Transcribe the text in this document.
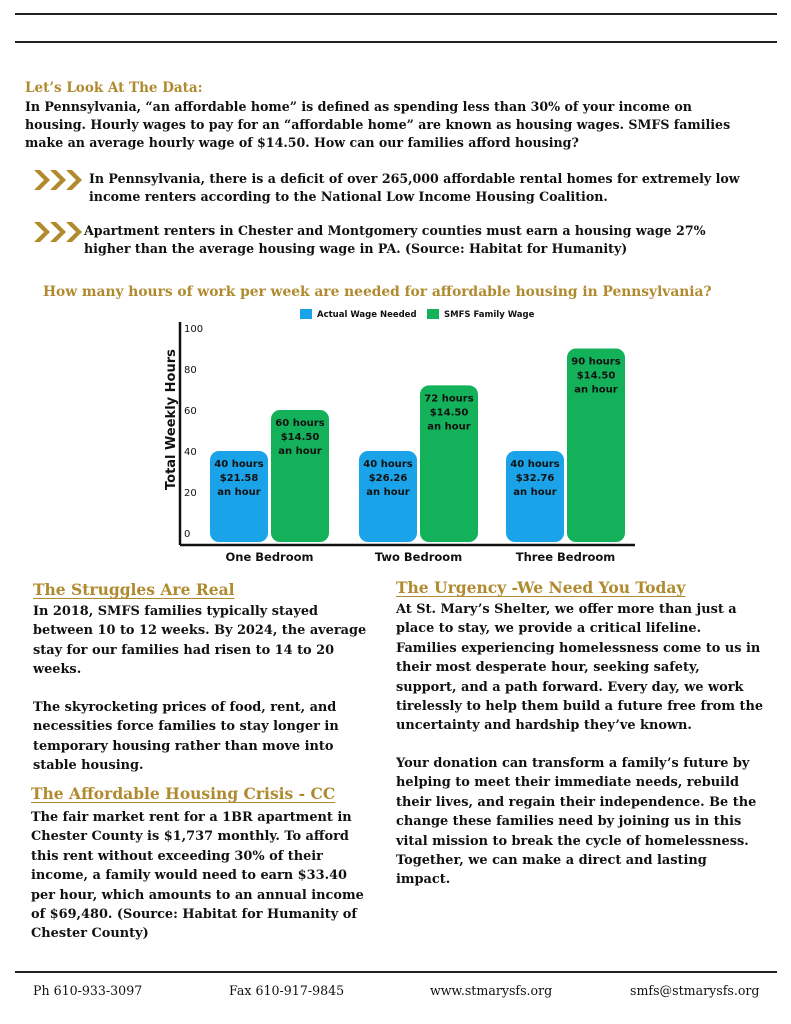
Let’s Look At The Data:
In Pennsylvania, “an affordable home” is defined as spending less than 30% of your income on housing. Hourly wages to pay for an “affordable home” are known as housing wages. SMFS families make an average hourly wage of $14.50. How can our families afford housing?
In Pennsylvania, there is a deficit of over 265,000 affordable rental homes for extremely low income renters according to the National Low Income Housing Coalition.
Apartment renters in Chester and Montgomery counties must earn a housing wage 27% higher than the average housing wage in PA. (Source: Habitat for Humanity)
How many hours of work per week are needed for affordable housing in Pennsylvania?
0
20
40
60
80
100
Total Weekly Hours
Actual Wage Needed	SMFS Family Wage
40 hours
$21.58
an hour
60 hours
$14.50
an hour
One Bedroom
40 hours
$26.26
an hour
72 hours
$14.50
an hour
Two Bedroom
40 hours
$32.76
an hour
90 hours
$14.50
an hour
Three Bedroom
The Struggles Are Real
In 2018, SMFS families typically stayed between 10 to 12 weeks. By 2024, the average stay for our families had risen to 14 to 20 weeks.
The skyrocketing prices of food, rent, and necessities force families to stay longer in temporary housing rather than move into stable housing.
The Affordable Housing Crisis - CC
The fair market rent for a 1BR apartment in Chester County is $1,737 monthly. To afford this rent without exceeding 30% of their income, a family would need to earn $33.40 per hour, which amounts to an annual income of $69,480. (Source: Habitat for Humanity of Chester County)
The Urgency -We Need You Today
At St. Mary’s Shelter, we offer more than just a place to stay, we provide a critical lifeline. Families experiencing homelessness come to us in their most desperate hour, seeking safety, support, and a path forward. Every day, we work tirelessly to help them build a future free from the uncertainty and hardship they’ve known.
Your donation can transform a family’s future by helping to meet their immediate needs, rebuild their lives, and regain their independence. Be the change these families need by joining us in this vital mission to break the cycle of homelessness. Together, we can make a direct and lasting impact.
Ph 610-933-3097	Fax 610-917-9845	www.stmarysfs.org	smfs@stmarysfs.org
